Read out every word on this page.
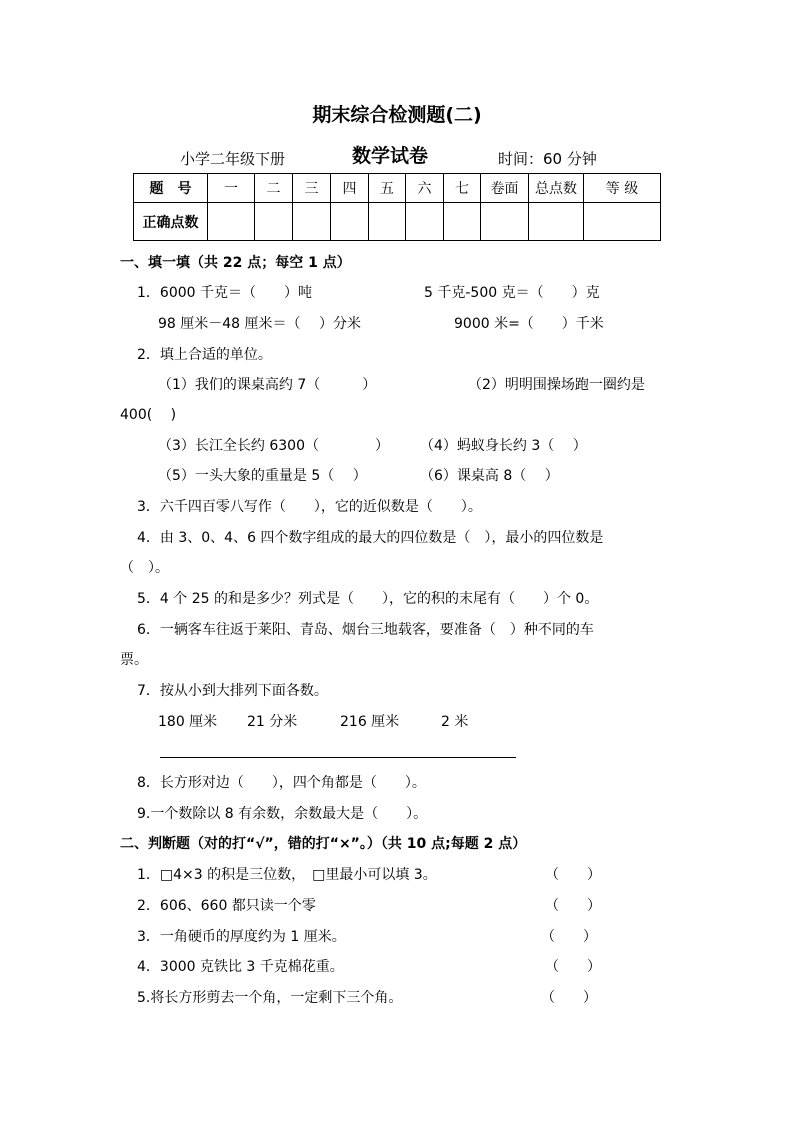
期末综合检测题(二)
小学二年级下册	数学试卷	时间：60 分钟
题　号	一	二	三	四	五	六	七	卷面	总点数	等 级
正确点数										
一、填一填（共 22 点；每空 1 点）
1．6000 千克＝（　　）吨	5 千克-500 克＝（　　）克
98 厘米－48 厘米＝（　 ）分米	9000 米=（　　）千米
2．填上合适的单位。
（1）我们的课桌高约 7（　　　）	（2）明明围操场跑一圈约是
400(　 )
（3）长江全长约 6300（　　　　） （4）蚂蚁身长约 3（　 ）
（5）一头大象的重量是 5（　 ）	（6）课桌高 8（　 ）
3．六千四百零八写作（　　），它的近似数是（　　）。
4．由 3、0、4、6 四个数字组成的最大的四位数是（　），最小的四位数是
（　）。
5．4 个 25 的和是多少？列式是（　　），它的积的末尾有（　　）个 0。
6．一辆客车往返于莱阳、青岛、烟台三地载客，要准备（　）种不同的车
票。
7．按从小到大排列下面各数。
180 厘米 21 分米	216 厘米	2 米
8．长方形对边（　　），四个角都是（　　）。
9.一个数除以 8 有余数，余数最大是（　　）。
二、判断题（对的打“√”，错的打“×”。）（共 10 点;每题 2 点）
1．□4×3 的积是三位数，　□里最小可以填 3。	（　　）
2．606、660 都只读一个零	（　　）
3．一角硬币的厚度约为 1 厘米。	（　　）
4．3000 克铁比 3 千克棉花重。	（　　）
5.将长方形剪去一个角，一定剩下三个角。	（　　）
